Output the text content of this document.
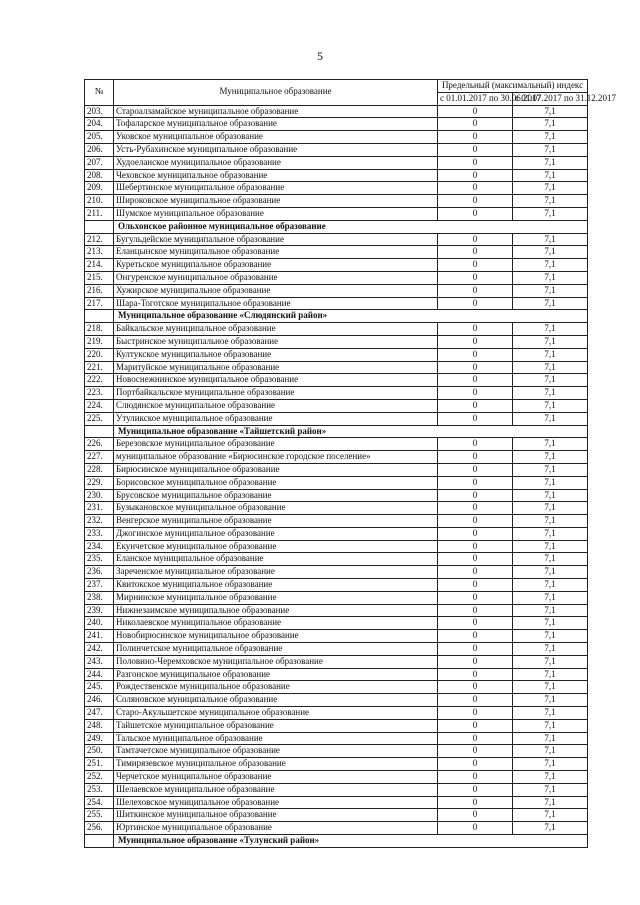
5
№	Муниципальное образование	Предельный (максимальный) индекс	
		с 01.01.2017 по 30.06.2017	с 01.07.2017 по 31.12.2017
203.	Староалзамайское муниципальное образование	0	7,1
204.	Тофаларское муниципальное образование	0	7,1
205.	Уковское муниципальное образование	0	7,1
206.	Усть-Рубахинское муниципальное образование	0	7,1
207.	Худоеланское муниципальное образование	0	7,1
208.	Чеховское муниципальное образование	0	7,1
209.	Шебертинское муниципальное образование	0	7,1
210.	Широковское муниципальное образование	0	7,1
211.	Шумское муниципальное образование	0	7,1
	Ольхонское районное муниципальное образование		
212.	Бугульдейское муниципальное образование	0	7,1
213.	Еланцынское муниципальное образование	0	7,1
214.	Куретьское муниципальное образование	0	7,1
215.	Онгуренское муниципальное образование	0	7,1
216.	Хужирское муниципальное образование	0	7,1
217.	Шара-Тоготское муниципальное образование	0	7,1
	Муниципальное образование «Слюдянский район»		
218.	Байкальское муниципальное образование	0	7,1
219.	Быстринское муниципальное образование	0	7,1
220.	Култукское муниципальное образование	0	7,1
221.	Маритуйское муниципальное образование	0	7,1
222.	Новоснежнинское муниципальное образование	0	7,1
223.	Портбайкальское муниципальное образование	0	7,1
224.	Слюдянское муниципальное образование	0	7,1
225.	Утуликское муниципальное образование	0	7,1
	Муниципальное образование «Тайшетский район»		
226.	Березовское муниципальное образование	0	7,1
227.	муниципальное образование «Бирюсинское городское поселение»	0	7,1
228.	Бирюсинское муниципальное образование	0	7,1
229.	Борисовское муниципальное образование	0	7,1
230.	Брусовское муниципальное образование	0	7,1
231.	Бузыкановское муниципальное образование	0	7,1
232.	Венгерское муниципальное образование	0	7,1
233.	Джогинское муниципальное образование	0	7,1
234.	Екунчетское муниципальное образование	0	7,1
235.	Еланское муниципальное образование	0	7,1
236.	Зареченское муниципальное образование	0	7,1
237.	Квитокское муниципальное образование	0	7,1
238.	Мирнинское муниципальное образование	0	7,1
239.	Нижнезаимское муниципальное образование	0	7,1
240.	Николаевское муниципальное образование	0	7,1
241.	Новобирюсинское муниципальное образование	0	7,1
242.	Полинчетское муниципальное образование	0	7,1
243.	Половино-Черемховское муниципальное образование	0	7,1
244.	Разгонское муниципальное образование	0	7,1
245.	Рождественское муниципальное образование	0	7,1
246.	Соляновское муниципальное образование	0	7,1
247.	Старо-Акульшетское муниципальное образование	0	7,1
248.	Тайшетское муниципальное образование	0	7,1
249.	Тальское муниципальное образование	0	7,1
250.	Тамтачетское муниципальное образование	0	7,1
251.	Тимирязевское муниципальное образование	0	7,1
252.	Черчетское муниципальное образование	0	7,1
253.	Шелаевское муниципальное образование	0	7,1
254.	Шелеховское муниципальное образование	0	7,1
255.	Шиткинское муниципальное образование	0	7,1
256.	Юртинское муниципальное образование	0	7,1
	Муниципальное образование «Тулунский район»		
